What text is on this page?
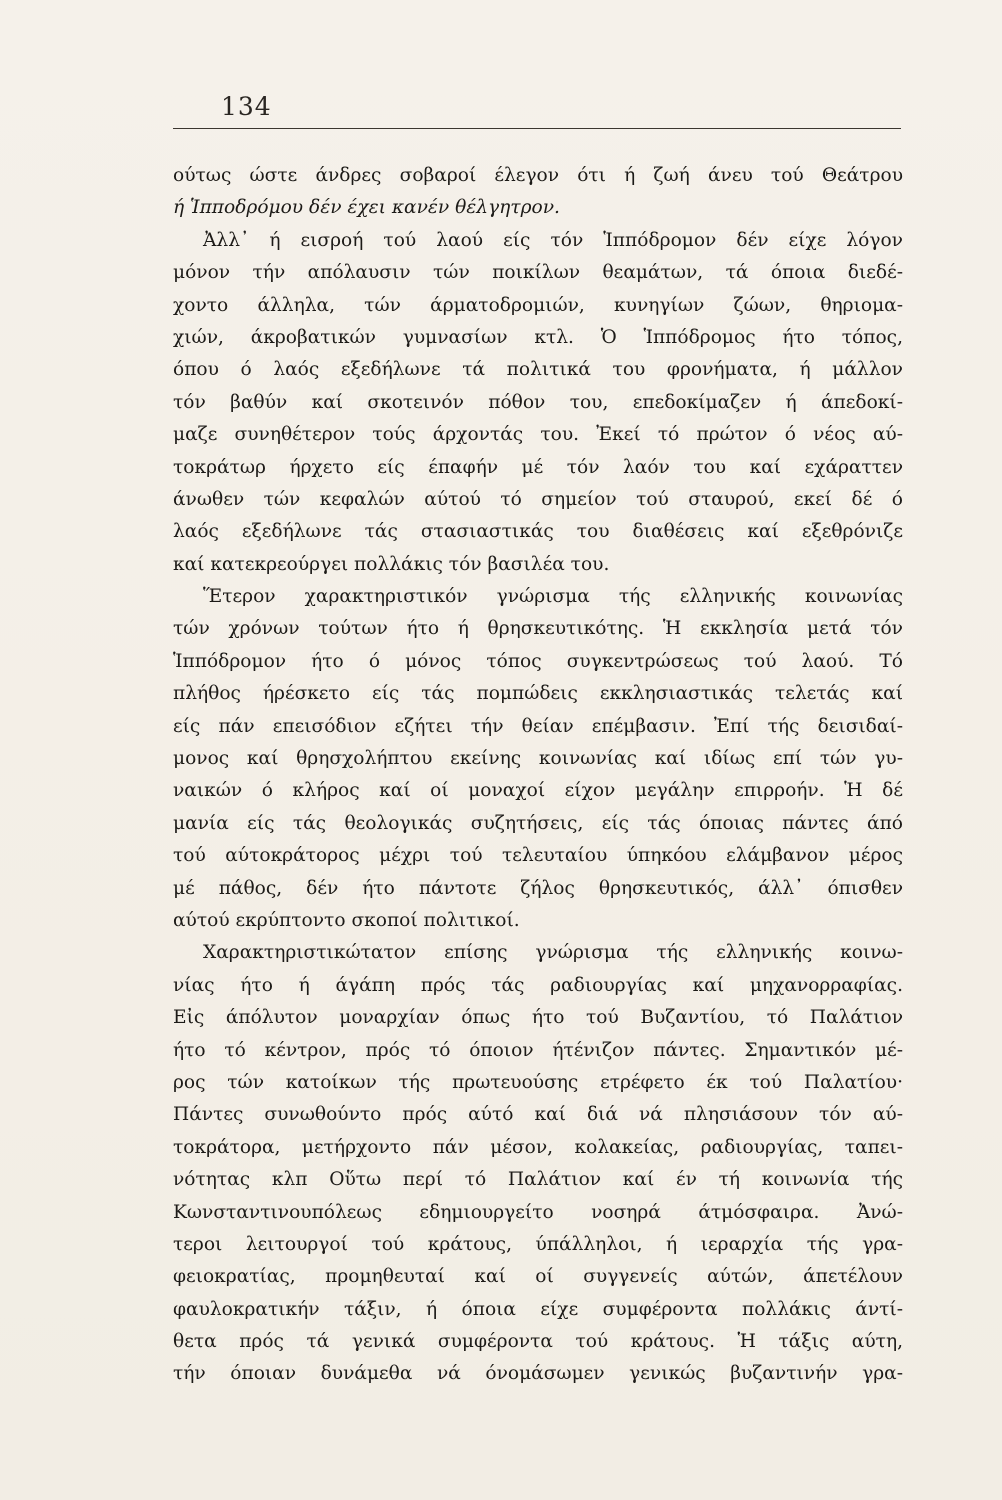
134
ούτως ώστε άνδρες σοβαροί έλεγον ότι ή ζωή άνευ τού Θεάτρου
ή Ἱπποδρόμου δέν έχει κανέν θέλγητρον.
Ἀλλ᾽ ή εισροή τού λαού είς τόν Ἱππόδρομον δέν είχε λόγον
μόνον τήν απόλαυσιν τών ποικίλων θεαμάτων, τά όποια διεδέ-
χοντο άλληλα, τών άρματοδρομιών, κυνηγίων ζώων, θηριομα-
χιών, άκροβατικών γυμνασίων κτλ. Ὁ Ἱππόδρομος ήτο τόπος,
όπου ό λαός εξεδήλωνε τά πολιτικά του φρονήματα, ή μάλλον
τόν βαθύν καί σκοτεινόν πόθον του, επεδοκίμαζεν ή άπεδοκί-
μαζε συνηθέτερον τούς άρχοντάς του. Ἐκεί τό πρώτον ό νέος αύ-
τοκράτωρ ήρχετο είς έπαφήν μέ τόν λαόν του καί εχάραττεν
άνωθεν τών κεφαλών αύτού τό σημείον τού σταυρού, εκεί δέ ό
λαός εξεδήλωνε τάς στασιαστικάς του διαθέσεις καί εξεθρόνιζε
καί κατεκρεούργει πολλάκις τόν βασιλέα του.
Ἕτερον χαρακτηριστικόν γνώρισμα τής ελληνικής κοινωνίας
τών χρόνων τούτων ήτο ή θρησκευτικότης. Ἡ εκκλησία μετά τόν
Ἱππόδρομον ήτο ό μόνος τόπος συγκεντρώσεως τού λαού. Τό
πλήθος ήρέσκετο είς τάς πομπώδεις εκκλησιαστικάς τελετάς καί
είς πάν επεισόδιον εζήτει τήν θείαν επέμβασιν. Ἐπί τής δεισιδαί-
μονος καί θρησχολήπτου εκείνης κοινωνίας καί ιδίως επί τών γυ-
ναικών ό κλήρος καί οί μοναχοί είχον μεγάλην επιρροήν. Ἡ δέ
μανία είς τάς θεολογικάς συζητήσεις, είς τάς όποιας πάντες άπό
τού αύτοκράτορος μέχρι τού τελευταίου ύπηκόου ελάμβανον μέρος
μέ πάθος, δέν ήτο πάντοτε ζήλος θρησκευτικός, άλλ᾽ όπισθεν
αύτού εκρύπτοντο σκοποί πολιτικοί.
Χαρακτηριστικώτατον επίσης γνώρισμα τής ελληνικής κοινω-
νίας ήτο ή άγάπη πρός τάς ραδιουργίας καί μηχανορραφίας.
Εἰς άπόλυτον μοναρχίαν όπως ήτο τού Βυζαντίου, τό Παλάτιον
ήτο τό κέντρον, πρός τό όποιον ήτένιζον πάντες. Σημαντικόν μέ-
ρος τών κατοίκων τής πρωτευούσης ετρέφετο έκ τού Παλατίου·
Πάντες συνωθούντο πρός αύτό καί διά νά πλησιάσουν τόν αύ-
τοκράτορα, μετήρχοντο πάν μέσον, κολακείας, ραδιουργίας, ταπει-
νότητας κλπ Οὕτω περί τό Παλάτιον καί έν τή κοινωνία τής
Κωνσταντινουπόλεως εδημιουργείτο νοσηρά άτμόσφαιρα. Ἀνώ-
τεροι λειτουργοί τού κράτους, ύπάλληλοι, ή ιεραρχία τής γρα-
φειοκρατίας, προμηθευταί καί οί συγγενείς αύτών, άπετέλουν
φαυλοκρατικήν τάξιν, ή όποια είχε συμφέροντα πολλάκις άντί-
θετα πρός τά γενικά συμφέροντα τού κράτους. Ἡ τάξις αύτη,
τήν όποιαν δυνάμεθα νά όνομάσωμεν γενικώς βυζαντινήν γρα-
